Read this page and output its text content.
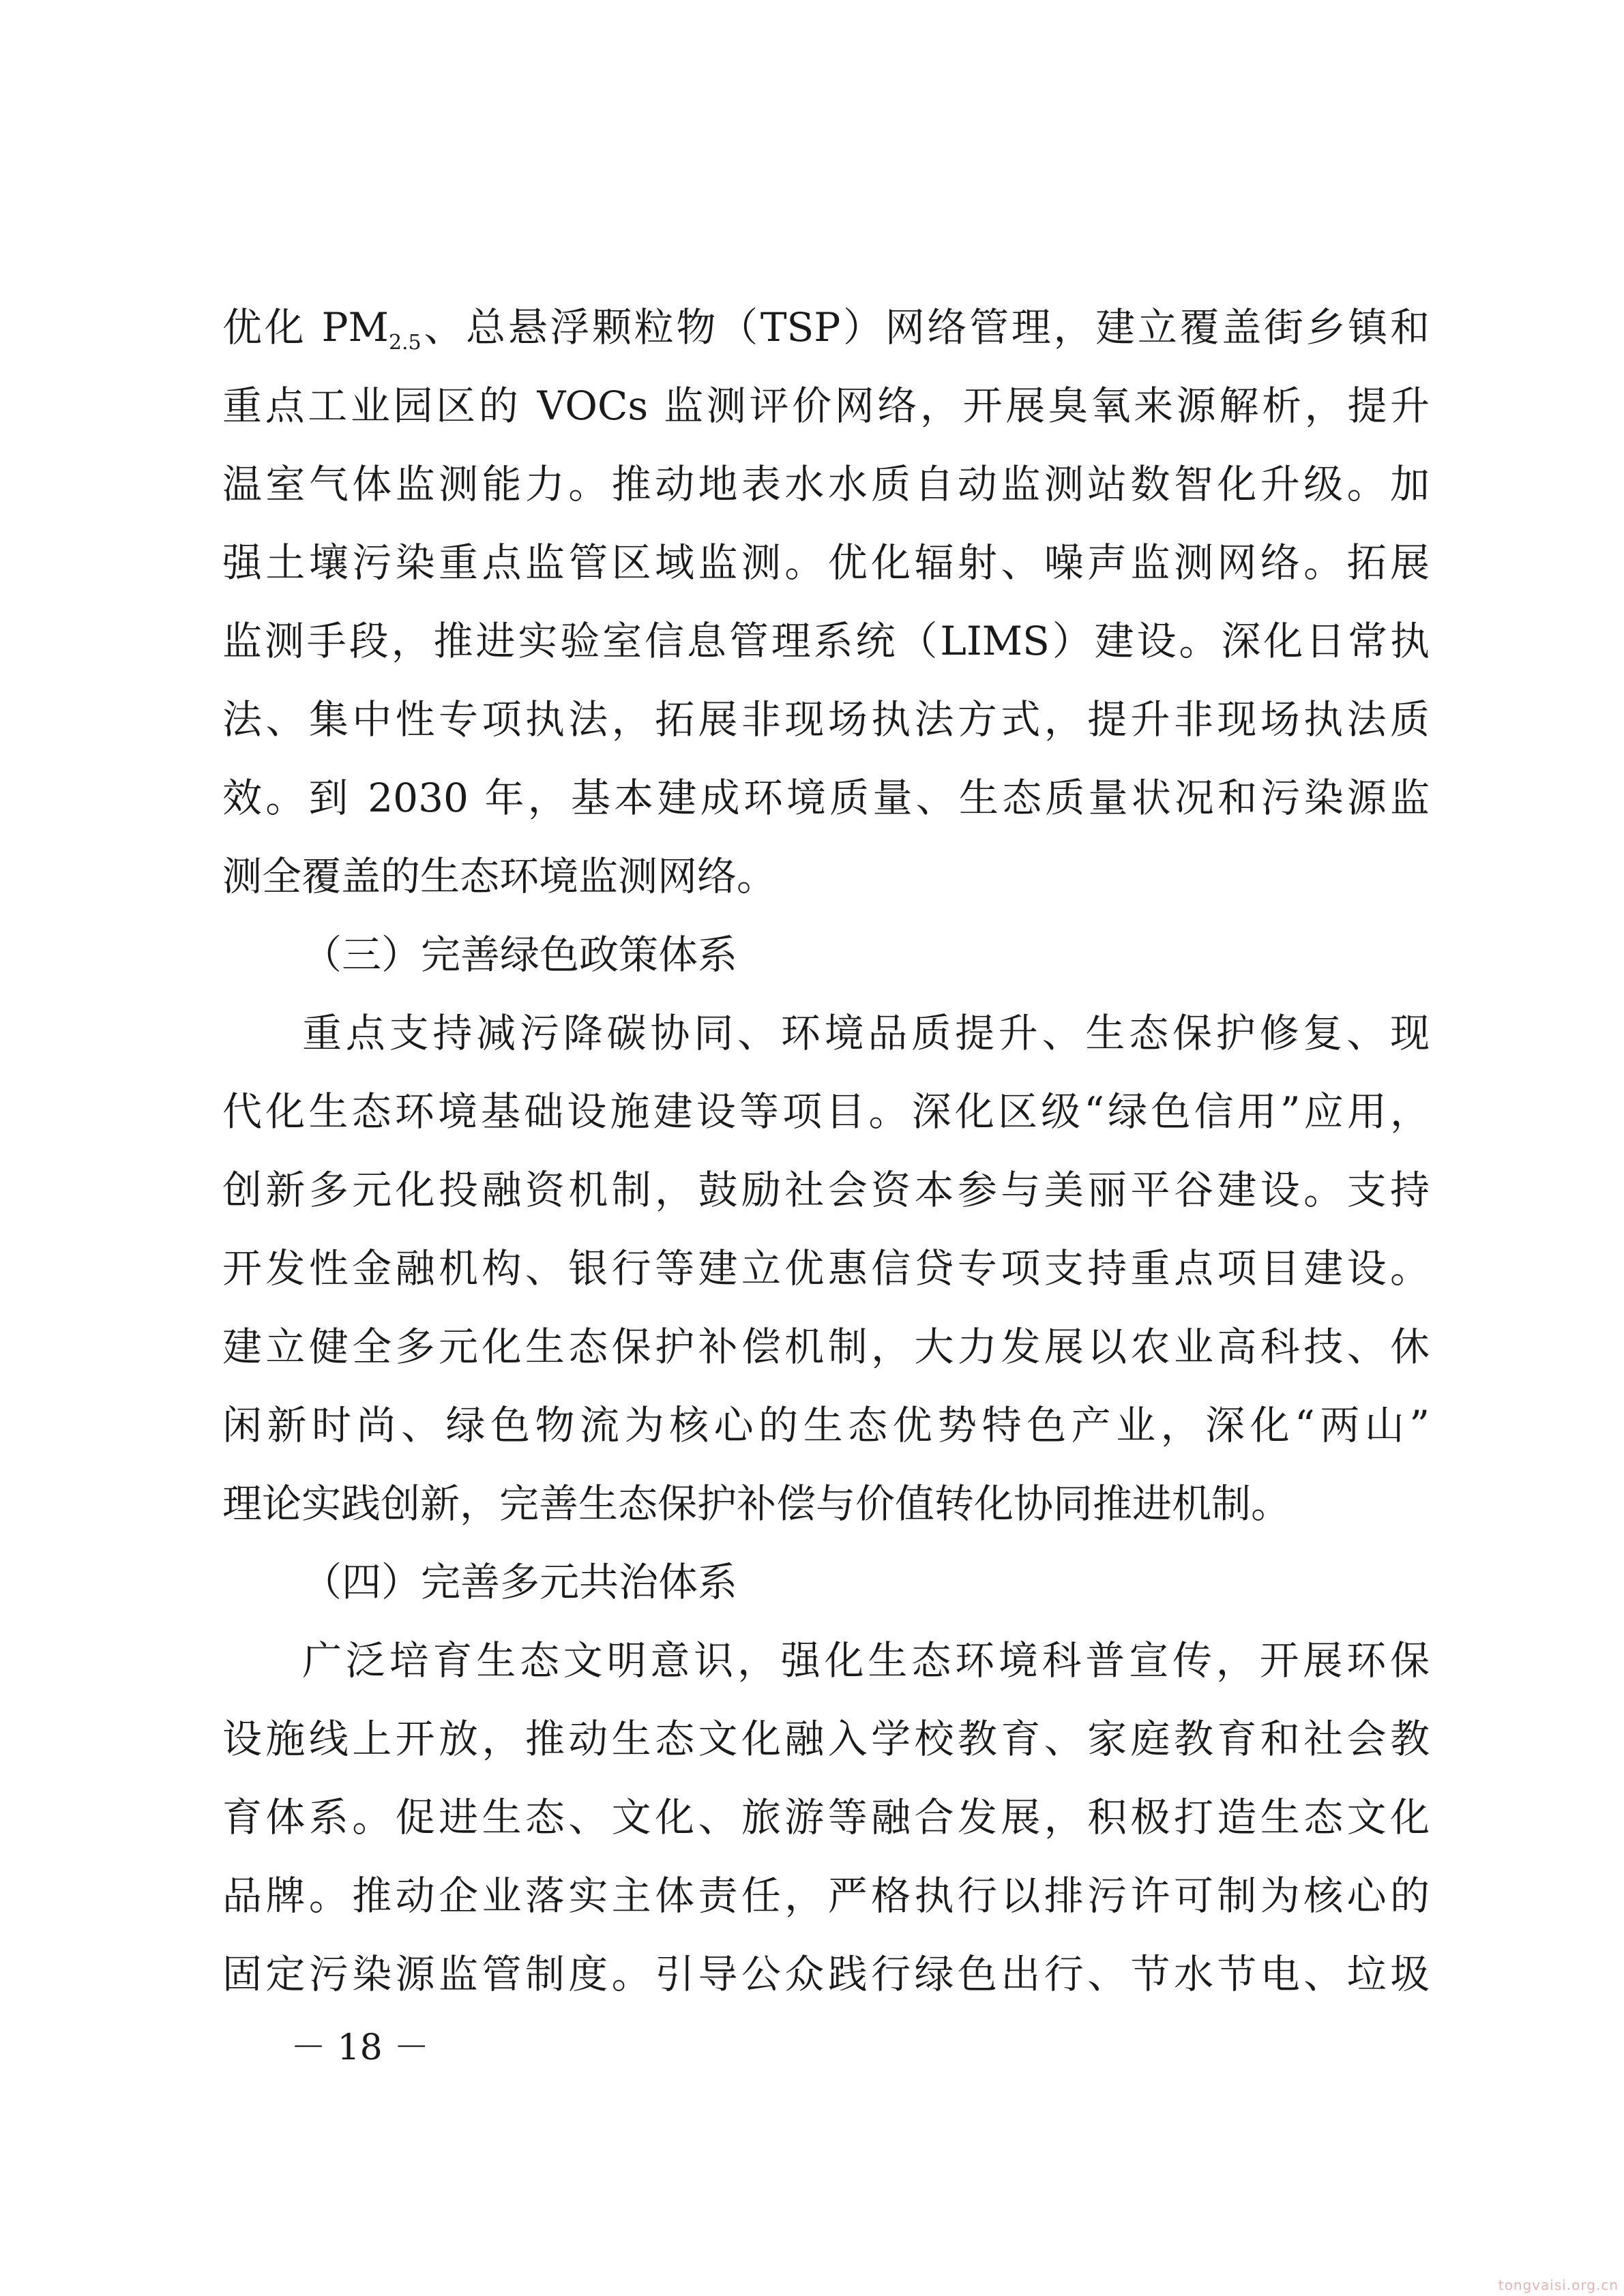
优化 $PM_{2.5}$、总悬浮颗粒物（TSP）网络管理，建立覆盖街乡镇和
重点工业园区的 VOCs 监测评价网络，开展臭氧来源解析，提升
温室气体监测能力。推动地表水水质自动监测站数智化升级。加
强土壤污染重点监管区域监测。优化辐射、噪声监测网络。拓展
监测手段，推进实验室信息管理系统（LIMS）建设。深化日常执
法、集中性专项执法，拓展非现场执法方式，提升非现场执法质
效。到 2030 年，基本建成环境质量、生态质量状况和污染源监
测全覆盖的生态环境监测网络。
（三）完善绿色政策体系
重点支持减污降碳协同、环境品质提升、生态保护修复、现
代化生态环境基础设施建设等项目。深化区级“绿色信用”应用，
创新多元化投融资机制，鼓励社会资本参与美丽平谷建设。支持
开发性金融机构、银行等建立优惠信贷专项支持重点项目建设。
建立健全多元化生态保护补偿机制，大力发展以农业高科技、休
闲新时尚、绿色物流为核心的生态优势特色产业，深化“两山”
理论实践创新，完善生态保护补偿与价值转化协同推进机制。
（四）完善多元共治体系
广泛培育生态文明意识，强化生态环境科普宣传，开展环保
设施线上开放，推动生态文化融入学校教育、家庭教育和社会教
育体系。促进生态、文化、旅游等融合发展，积极打造生态文化
品牌。推动企业落实主体责任，严格执行以排污许可制为核心的
固定污染源监管制度。引导公众践行绿色出行、节水节电、垃圾
－ 18 －
tongvaisi.org.cn
